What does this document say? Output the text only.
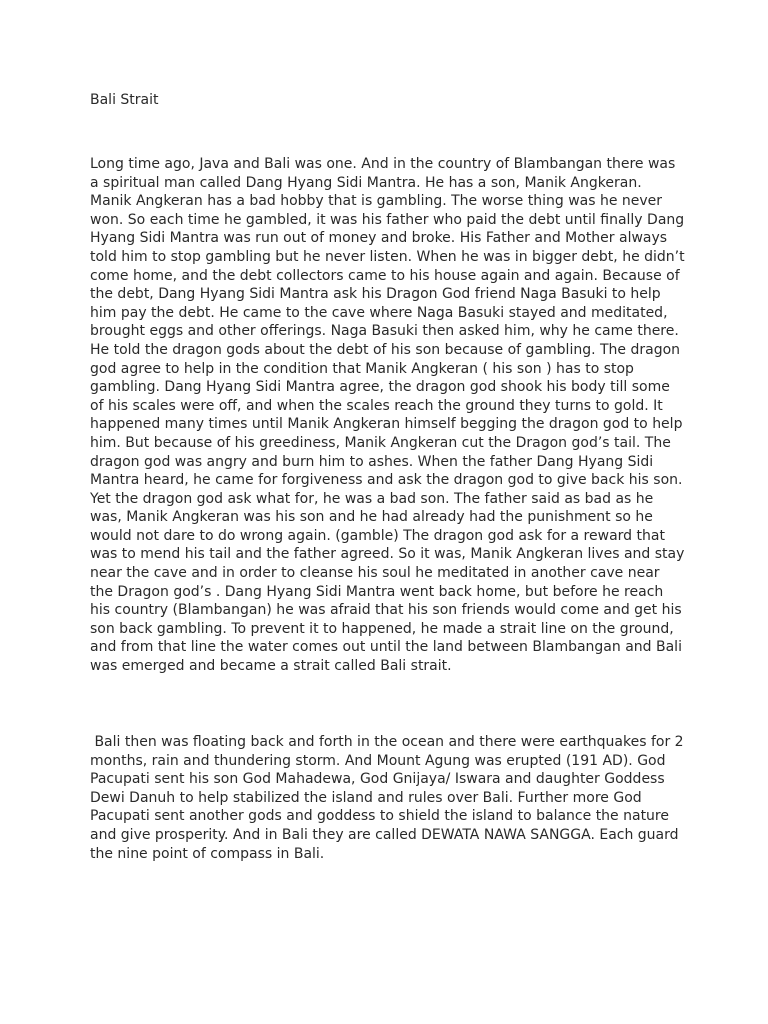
Bali Strait
Long time ago, Java and Bali was one. And in the country of Blambangan there was
a spiritual man called Dang Hyang Sidi Mantra. He has a son, Manik Angkeran.
Manik Angkeran has a bad hobby that is gambling. The worse thing was he never
won. So each time he gambled, it was his father who paid the debt until finally Dang
Hyang Sidi Mantra was run out of money and broke. His Father and Mother always
told him to stop gambling but he never listen. When he was in bigger debt, he didn’t
come home, and the debt collectors came to his house again and again. Because of
the debt, Dang Hyang Sidi Mantra ask his Dragon God friend Naga Basuki to help
him pay the debt. He came to the cave where Naga Basuki stayed and meditated,
brought eggs and other offerings. Naga Basuki then asked him, why he came there.
He told the dragon gods about the debt of his son because of gambling. The dragon
god agree to help in the condition that Manik Angkeran ( his son ) has to stop
gambling. Dang Hyang Sidi Mantra agree, the dragon god shook his body till some
of his scales were off, and when the scales reach the ground they turns to gold. It
happened many times until Manik Angkeran himself begging the dragon god to help
him. But because of his greediness, Manik Angkeran cut the Dragon god’s tail. The
dragon god was angry and burn him to ashes. When the father Dang Hyang Sidi
Mantra heard, he came for forgiveness and ask the dragon god to give back his son.
Yet the dragon god ask what for, he was a bad son. The father said as bad as he
was, Manik Angkeran was his son and he had already had the punishment so he
would not dare to do wrong again. (gamble) The dragon god ask for a reward that
was to mend his tail and the father agreed. So it was, Manik Angkeran lives and stay
near the cave and in order to cleanse his soul he meditated in another cave near
the Dragon god’s . Dang Hyang Sidi Mantra went back home, but before he reach
his country (Blambangan) he was afraid that his son friends would come and get his
son back gambling. To prevent it to happened, he made a strait line on the ground,
and from that line the water comes out until the land between Blambangan and Bali
was emerged and became a strait called Bali strait.
Bali then was floating back and forth in the ocean and there were earthquakes for 2
months, rain and thundering storm. And Mount Agung was erupted (191 AD). God
Pacupati sent his son God Mahadewa, God Gnijaya/ Iswara and daughter Goddess
Dewi Danuh to help stabilized the island and rules over Bali. Further more God
Pacupati sent another gods and goddess to shield the island to balance the nature
and give prosperity. And in Bali they are called DEWATA NAWA SANGGA. Each guard
the nine point of compass in Bali.
